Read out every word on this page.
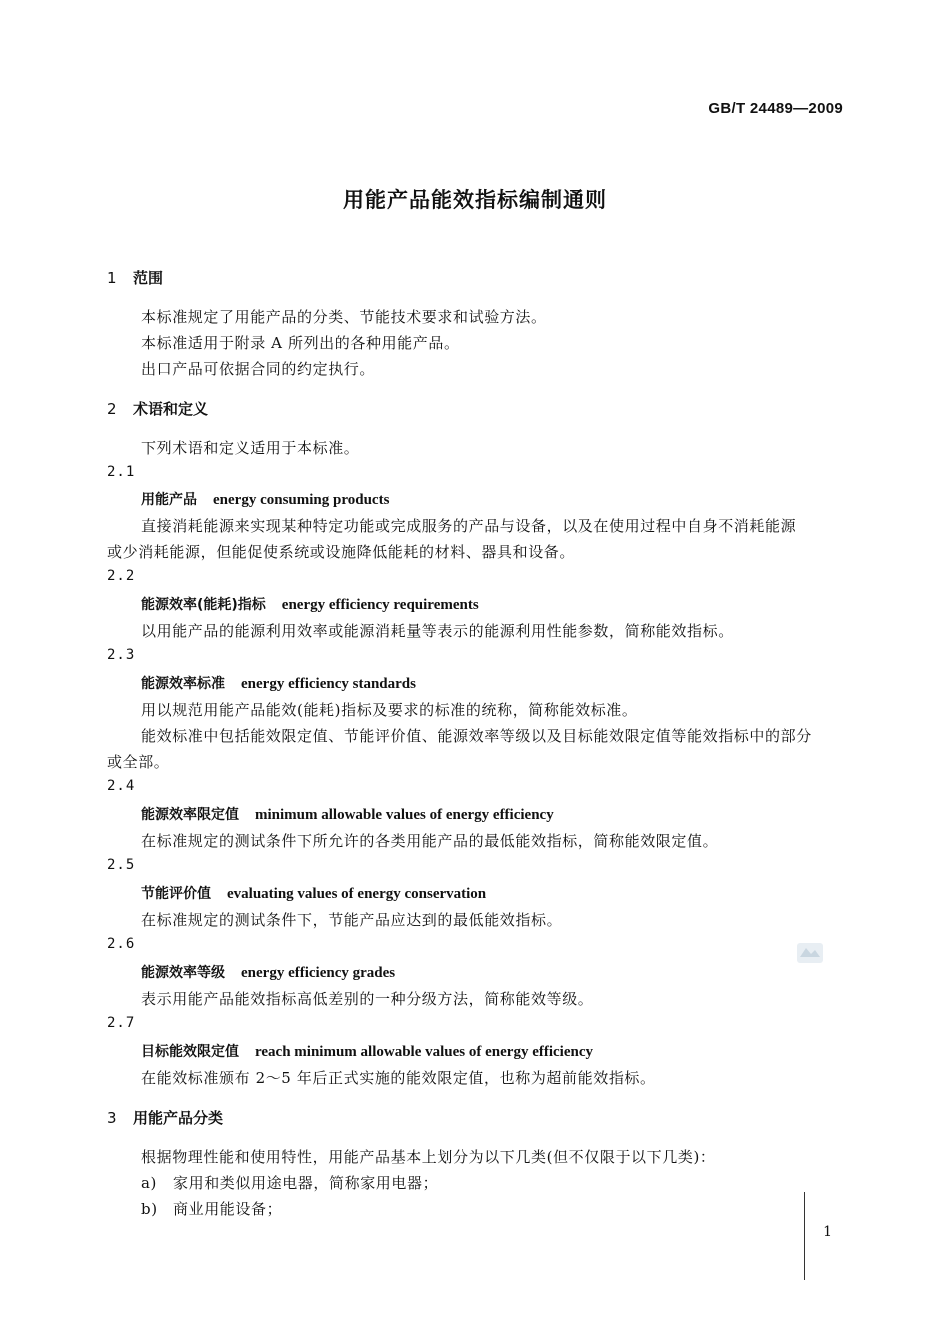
GB/T 24489—2009
用能产品能效指标编制通则
1 范围
本标准规定了用能产品的分类、节能技术要求和试验方法。
本标准适用于附录 A 所列出的各种用能产品。
出口产品可依据合同的约定执行。
2 术语和定义
下列术语和定义适用于本标准。
2.1
用能产品 energy consuming products
直接消耗能源来实现某种特定功能或完成服务的产品与设备，以及在使用过程中自身不消耗能源
或少消耗能源，但能促使系统或设施降低能耗的材料、器具和设备。
2.2
能源效率(能耗)指标 energy efficiency requirements
以用能产品的能源利用效率或能源消耗量等表示的能源利用性能参数，简称能效指标。
2.3
能源效率标准 energy efficiency standards
用以规范用能产品能效(能耗)指标及要求的标准的统称，简称能效标准。
能效标准中包括能效限定值、节能评价值、能源效率等级以及目标能效限定值等能效指标中的部分
或全部。
2.4
能源效率限定值 minimum allowable values of energy efficiency
在标准规定的测试条件下所允许的各类用能产品的最低能效指标，简称能效限定值。
2.5
节能评价值 evaluating values of energy conservation
在标准规定的测试条件下，节能产品应达到的最低能效指标。
2.6
能源效率等级 energy efficiency grades
表示用能产品能效指标高低差别的一种分级方法，简称能效等级。
2.7
目标能效限定值 reach minimum allowable values of energy efficiency
在能效标准颁布 2～5 年后正式实施的能效限定值，也称为超前能效指标。
3 用能产品分类
根据物理性能和使用特性，用能产品基本上划分为以下几类(但不仅限于以下几类)：
a) 家用和类似用途电器，简称家用电器；
b) 商业用能设备；
1
